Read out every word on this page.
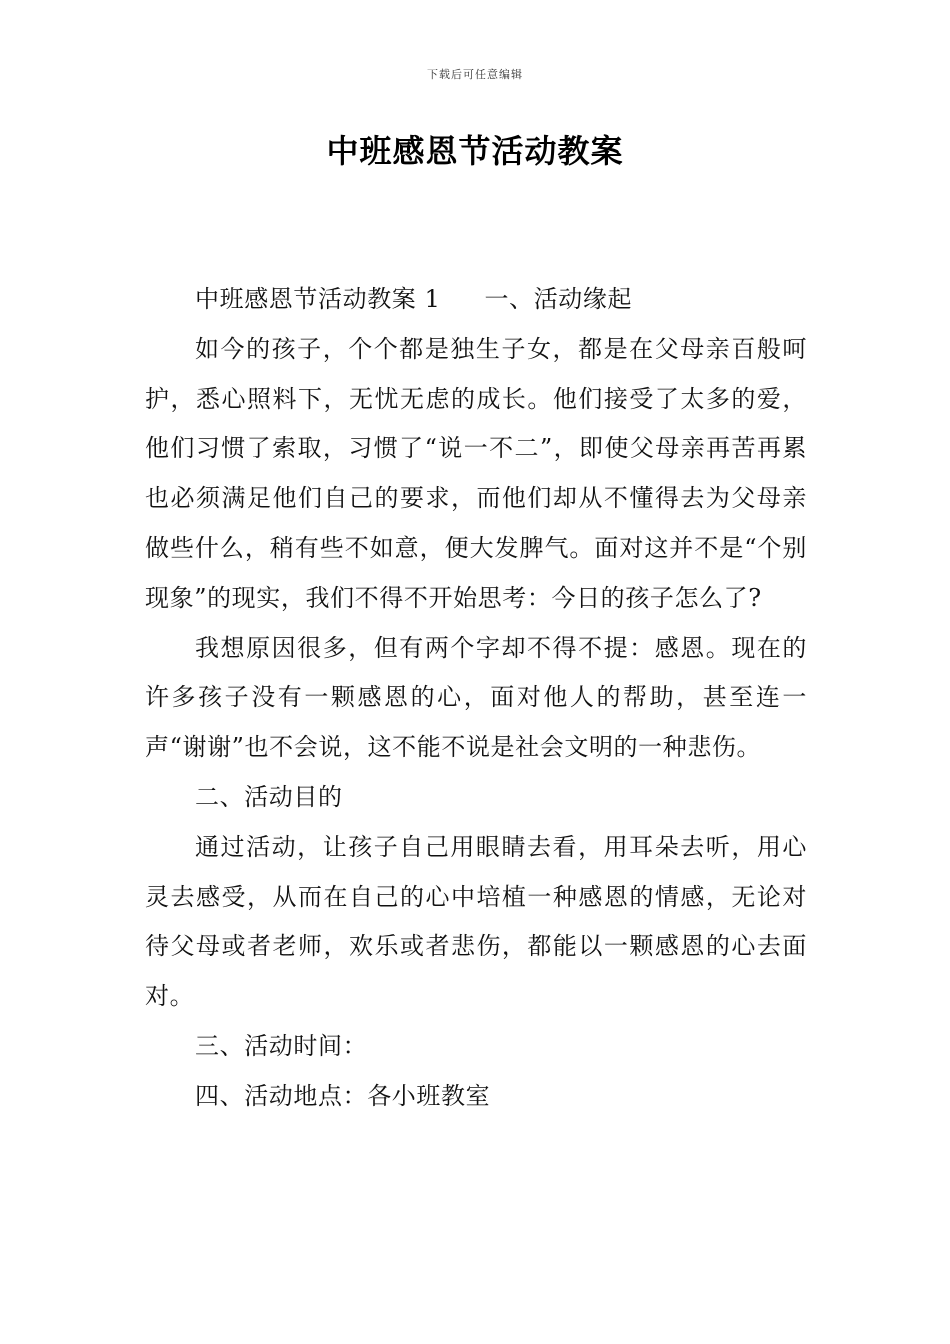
下载后可任意编辑
中班感恩节活动教案

中班感恩节活动教案 1 一、活动缘起

如今的孩子，个个都是独生子女，都是在父母亲百般呵护，悉心照料下，无忧无虑的成长。他们接受了太多的爱，他们习惯了索取，习惯了“说一不二”，即使父母亲再苦再累也必须满足他们自己的要求，而他们却从不懂得去为父母亲做些什么，稍有些不如意，便大发脾气。面对这并不是“个别现象”的现实，我们不得不开始思考：今日的孩子怎么了?

我想原因很多，但有两个字却不得不提：感恩。现在的许多孩子没有一颗感恩的心，面对他人的帮助，甚至连一声“谢谢”也不会说，这不能不说是社会文明的一种悲伤。

二、活动目的

通过活动，让孩子自己用眼睛去看，用耳朵去听，用心灵去感受，从而在自己的心中培植一种感恩的情感，无论对待父母或者老师，欢乐或者悲伤，都能以一颗感恩的心去面对。

三、活动时间：

四、活动地点：各小班教室
